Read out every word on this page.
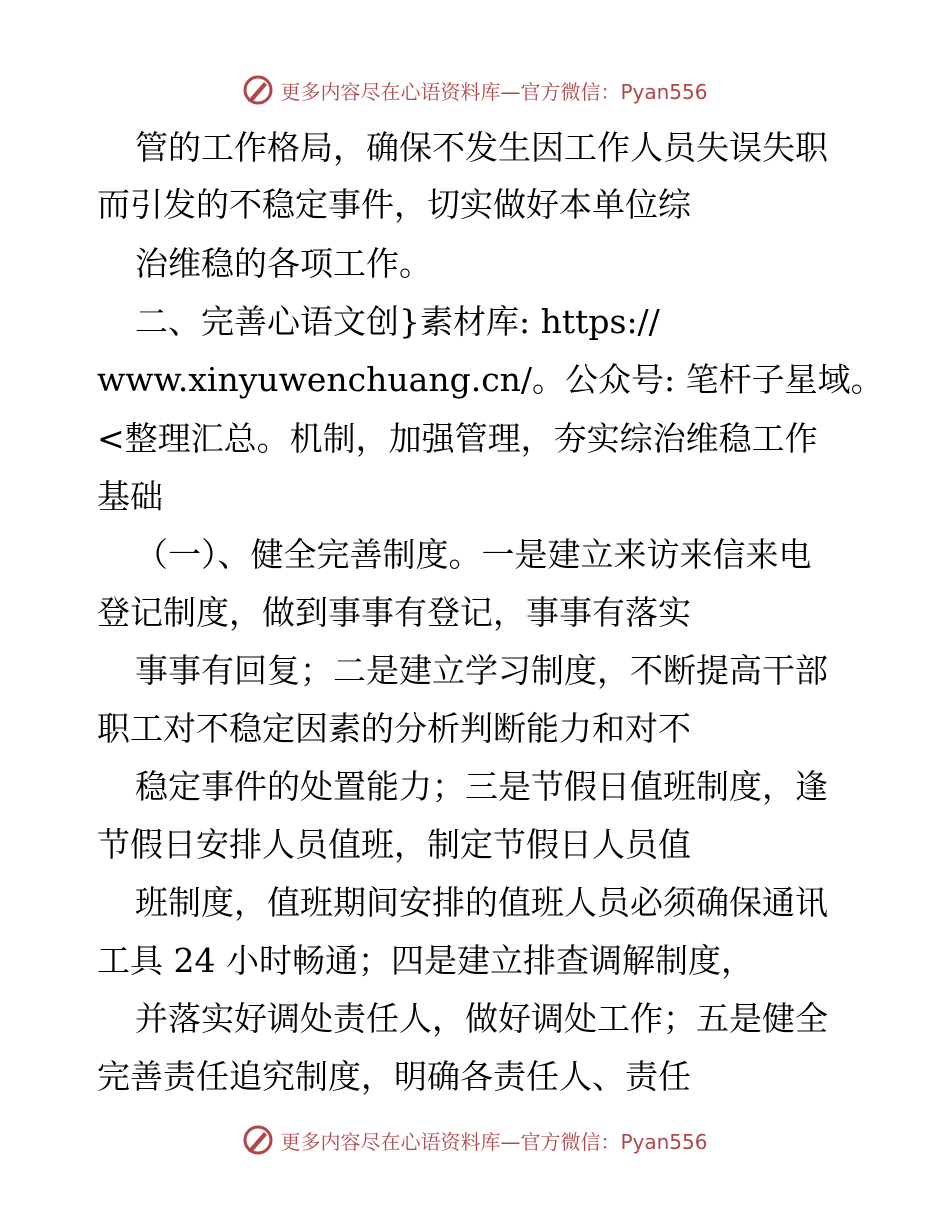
更多内容尽在心语资料库—官方微信：Pyan556
管的工作格局，确保不发生因工作人员失误失职
而引发的不稳定事件，切实做好本单位综
治维稳的各项工作。
二、完善心语文创}素材库: https://
www.xinyuwenchuang.cn/。公众号: 笔杆子星域。
<整理汇总。机制，加强管理，夯实综治维稳工作
基础
（一）、健全完善制度。一是建立来访来信来电
登记制度，做到事事有登记，事事有落实
事事有回复；二是建立学习制度，不断提高干部
职工对不稳定因素的分析判断能力和对不
稳定事件的处置能力；三是节假日值班制度，逢
节假日安排人员值班，制定节假日人员值
班制度，值班期间安排的值班人员必须确保通讯
工具 24 小时畅通；四是建立排查调解制度，
并落实好调处责任人，做好调处工作；五是健全
完善责任追究制度，明确各责任人、责任
更多内容尽在心语资料库—官方微信：Pyan556
